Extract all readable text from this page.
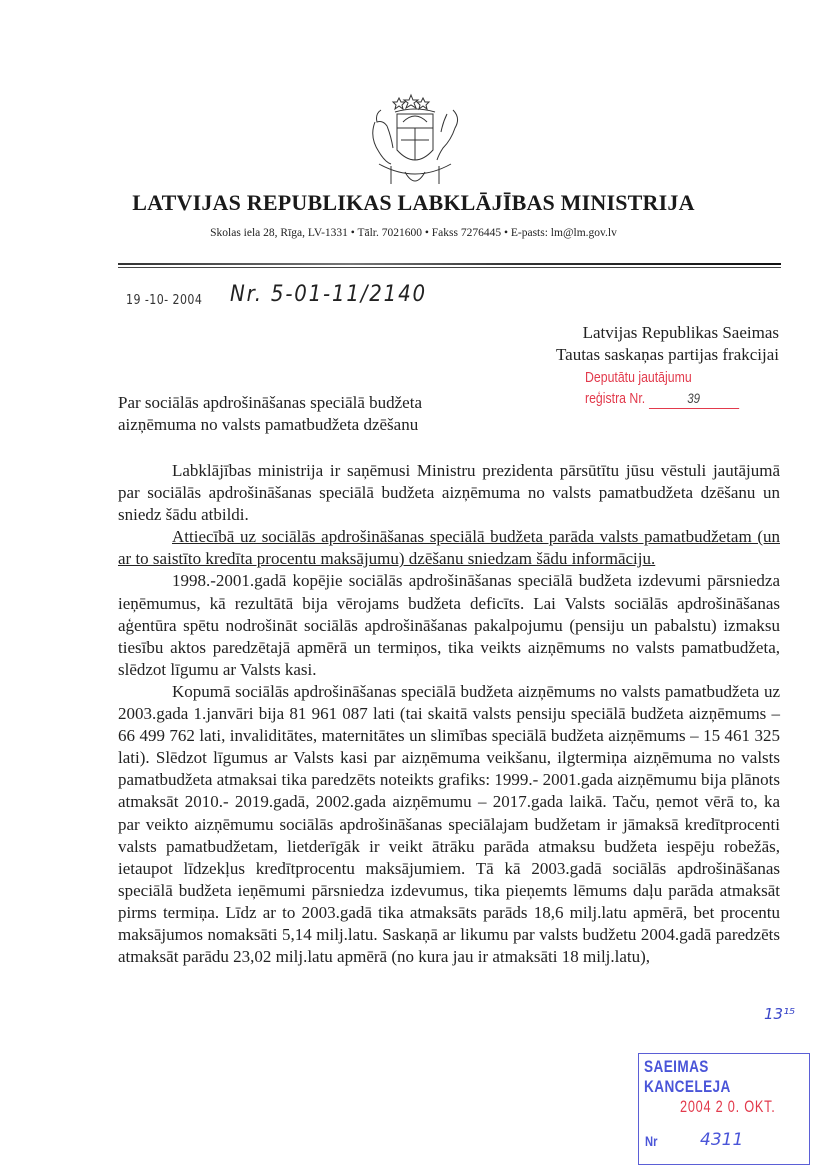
LATVIJAS REPUBLIKAS LABKLĀJĪBAS MINISTRIJA
Skolas iela 28, Rīga, LV-1331 • Tālr. 7021600 • Fakss 7276445 • E-pasts: lm@lm.gov.lv
19 -10- 2004 Nr. 5-01-11/2140
Latvijas Republikas Saeimas
Tautas saskaņas partijas frakcijai
Deputātu jautājumu
reģistra Nr.	39
Par sociālās apdrošināšanas speciālā budžeta
aizņēmuma no valsts pamatbudžeta dzēšanu

Labklājības ministrija ir saņēmusi Ministru prezidenta pārsūtītu jūsu vēstuli jautājumā par sociālās apdrošināšanas speciālā budžeta aizņēmuma no valsts pamatbudžeta dzēšanu un sniedz šādu atbildi.

Attiecībā uz sociālās apdrošināšanas speciālā budžeta parāda valsts pamatbudžetam (un ar to saistīto kredīta procentu maksājumu) dzēšanu sniedzam šādu informāciju.

1998.-2001.gadā kopējie sociālās apdrošināšanas speciālā budžeta izdevumi pārsniedza ieņēmumus, kā rezultātā bija vērojams budžeta deficīts. Lai Valsts sociālās apdrošināšanas aģentūra spētu nodrošināt sociālās apdrošināšanas pakalpojumu (pensiju un pabalstu) izmaksu tiesību aktos paredzētajā apmērā un termiņos, tika veikts aizņēmums no valsts pamatbudžeta, slēdzot līgumu ar Valsts kasi.

Kopumā sociālās apdrošināšanas speciālā budžeta aizņēmums no valsts pamatbudžeta uz 2003.gada 1.janvāri bija 81 961 087 lati (tai skaitā valsts pensiju speciālā budžeta aizņēmums – 66 499 762 lati, invaliditātes, maternitātes un slimības speciālā budžeta aizņēmums – 15 461 325 lati). Slēdzot līgumus ar Valsts kasi par aizņēmuma veikšanu, ilgtermiņa aizņēmuma no valsts pamatbudžeta atmaksai tika paredzēts noteikts grafiks: 1999.- 2001.gada aizņēmumu bija plānots atmaksāt 2010.- 2019.gadā, 2002.gada aizņēmumu – 2017.gada laikā. Taču, ņemot vērā to, ka par veikto aizņēmumu sociālās apdrošināšanas speciālajam budžetam ir jāmaksā kredītprocenti valsts pamatbudžetam, lietderīgāk ir veikt ātrāku parāda atmaksu budžeta iespēju robežās, ietaupot līdzekļus kredītprocentu maksājumiem. Tā kā 2003.gadā sociālās apdrošināšanas speciālā budžeta ieņēmumi pārsniedza izdevumus, tika pieņemts lēmums daļu parāda atmaksāt pirms termiņa. Līdz ar to 2003.gadā tika atmaksāts parāds 18,6 milj.latu apmērā, bet procentu maksājumos nomaksāti 5,14 milj.latu. Saskaņā ar likumu par valsts budžetu 2004.gadā paredzēts atmaksāt parādu 23,02 milj.latu apmērā (no kura jau ir atmaksāti 18 milj.latu),

13¹⁵
SAEIMAS KANCELEJA
2004 2 0. OKT.
Nr	4311
